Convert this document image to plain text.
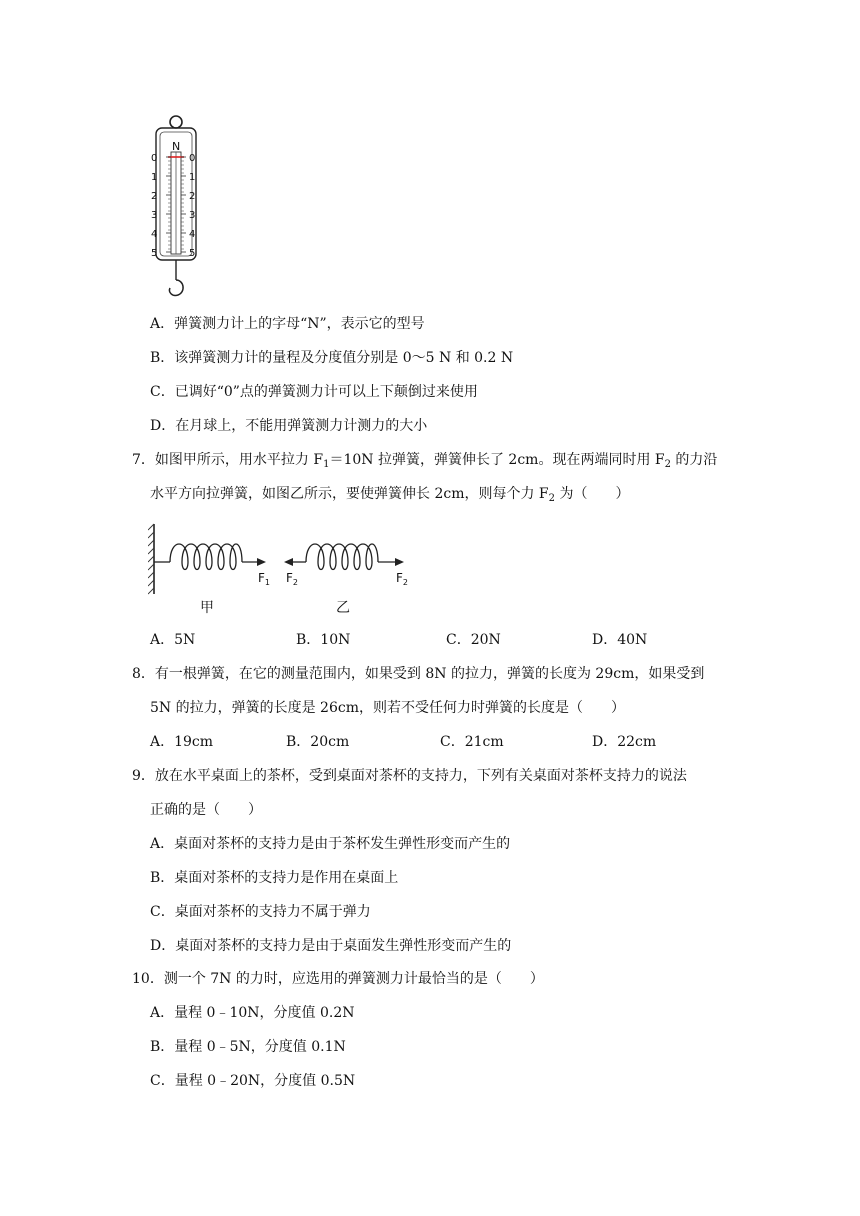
N
0
1
2
3
4
5
0
1
2
3
4
5
A．弹簧测力计上的字母“N”，表示它的型号
B．该弹簧测力计的量程及分度值分别是 0～5 N 和 0.2 N
C．已调好“0”点的弹簧测力计可以上下颠倒过来使用
D．在月球上，不能用弹簧测力计测力的大小
7．如图甲所示，用水平拉力 $F_1=10N$ 拉弹簧，弹簧伸长了 2cm。现在两端同时用 $F_2$ 的力沿
水平方向拉弹簧，如图乙所示，要使弹簧伸长 2cm，则每个力 $F_2$ 为（　　）
$F_1$ $F_2$	$F_2$
甲	乙
A．5N	B．10N	C．20N	D．40N
8．有一根弹簧，在它的测量范围内，如果受到 8N 的拉力，弹簧的长度为 29cm，如果受到
5N 的拉力，弹簧的长度是 26cm，则若不受任何力时弹簧的长度是（　　）
A．19cm	B．20cm	C．21cm	D．22cm
9．放在水平桌面上的茶杯，受到桌面对茶杯的支持力，下列有关桌面对茶杯支持力的说法
正确的是（　　）
A．桌面对茶杯的支持力是由于茶杯发生弹性形变而产生的
B．桌面对茶杯的支持力是作用在桌面上
C．桌面对茶杯的支持力不属于弹力
D．桌面对茶杯的支持力是由于桌面发生弹性形变而产生的
10．测一个 7N 的力时，应选用的弹簧测力计最恰当的是（　　）
A．量程 0﹣10N，分度值 0.2N
B．量程 0﹣5N，分度值 0.1N
C．量程 0﹣20N，分度值 0.5N
